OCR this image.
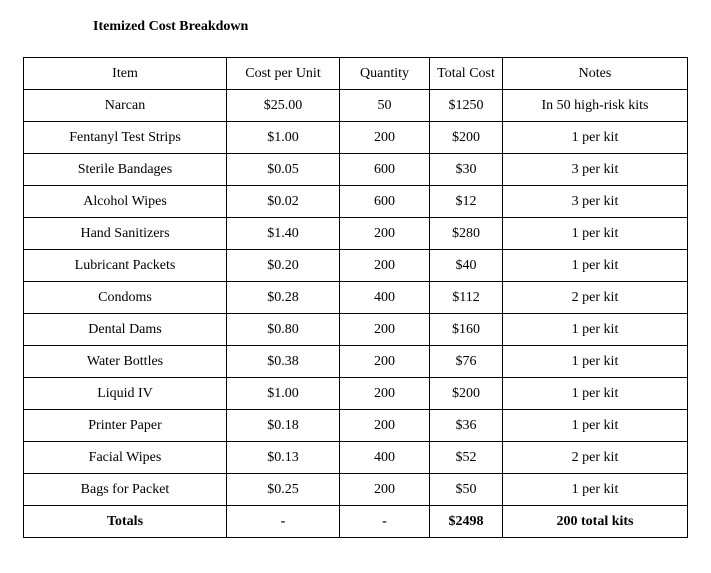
Itemized Cost Breakdown
Item	Cost per Unit	Quantity	Total Cost	Notes
Narcan	$25.00	50	$1250	In 50 high-risk kits
Fentanyl Test Strips	$1.00	200	$200	1 per kit
Sterile Bandages	$0.05	600	$30	3 per kit
Alcohol Wipes	$0.02	600	$12	3 per kit
Hand Sanitizers	$1.40	200	$280	1 per kit
Lubricant Packets	$0.20	200	$40	1 per kit
Condoms	$0.28	400	$112	2 per kit
Dental Dams	$0.80	200	$160	1 per kit
Water Bottles	$0.38	200	$76	1 per kit
Liquid IV	$1.00	200	$200	1 per kit
Printer Paper	$0.18	200	$36	1 per kit
Facial Wipes	$0.13	400	$52	2 per kit
Bags for Packet	$0.25	200	$50	1 per kit
Totals	-	-	$2498	200 total kits
